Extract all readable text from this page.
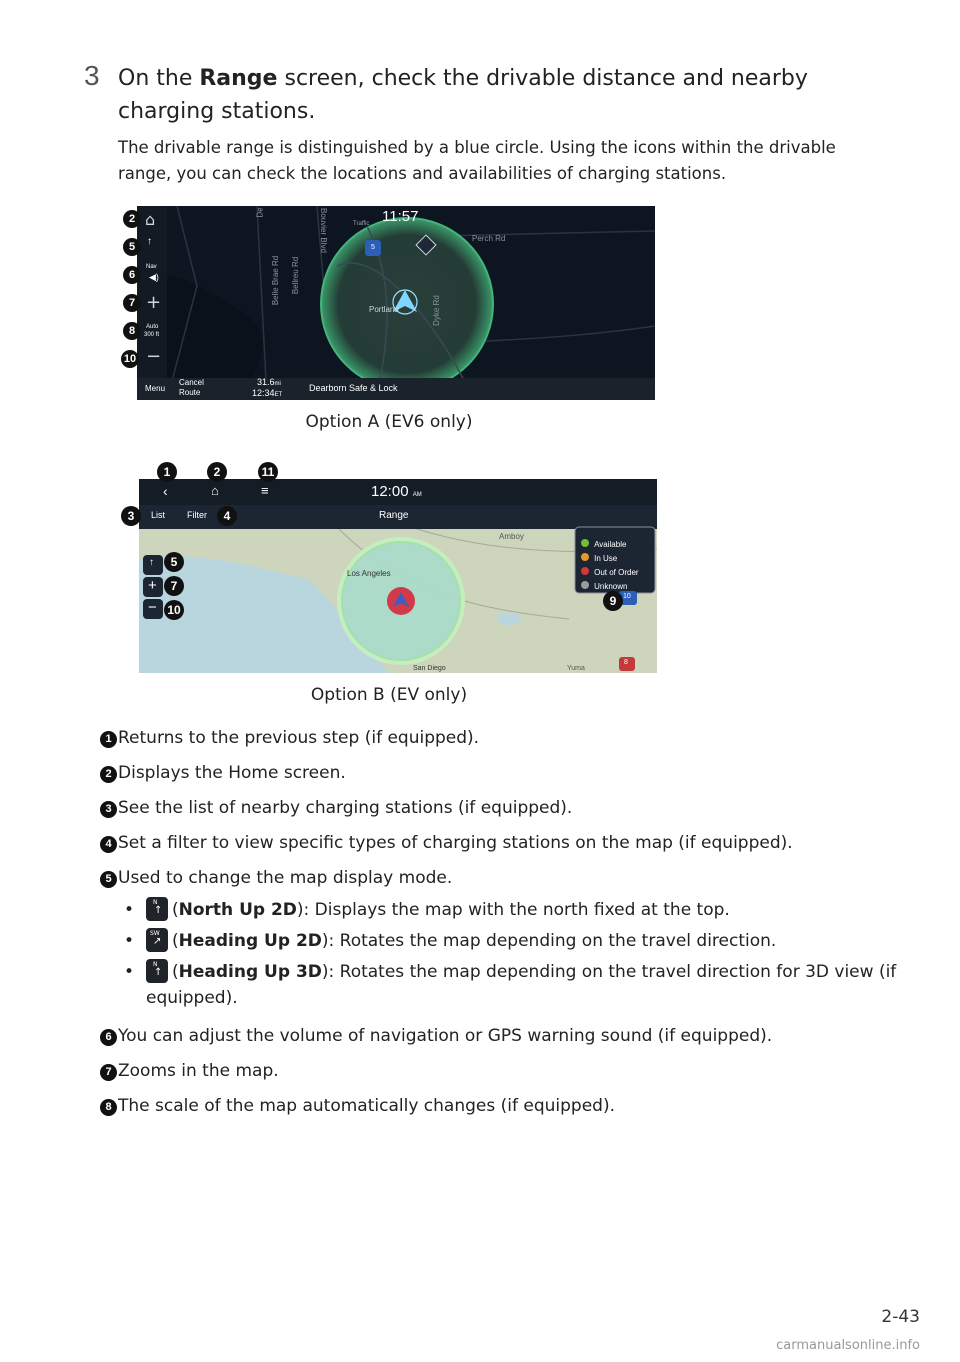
3 On the Range screen, check the drivable distance and nearby charging stations.
The drivable range is distinguished by a blue circle. Using the icons within the drivable range, you can check the locations and availabilities of charging stations.
5
11:57
Traffic
Perch Rd
Belle Brae Rd Bellreu Rd
Bouvier Blvd
Portland	Dyke Rd
De
⌂
↑
Nav
◀)
+
Auto
300 ft
−
Menu
Cancel Route
31.6mi
12:34ET
Dearborn Safe & Lock
2
5
6
7
8
10
Option A (EV6 only)
‹	⌂	≡	12:00 AM
List Filter	Range
Los Angeles
Amboy
San Diego	Yuma
10
8
↑
+
−
Available
In Use
Out of Order
Unknown
1	2	11
3	4
5
7
10
9
Option B (EV only)
1 Returns to the previous step (if equipped).
2 Displays the Home screen.
3 See the list of nearby charging stations (if equipped).
4 Set a filter to view specific types of charging stations on the map (if equipped).
5 Used to change the map display mode.
•	N
↑ (North Up 2D): Displays the map with the north fixed at the top.
•	SW
↗ (Heading Up 2D): Rotates the map depending on the travel direction.
•	N
↑ (Heading Up 3D): Rotates the map depending on the travel direction for 3D view (if
equipped).
6 You can adjust the volume of navigation or GPS warning sound (if equipped).
7 Zooms in the map.
8 The scale of the map automatically changes (if equipped).
2-43
carmanualsonline.info
